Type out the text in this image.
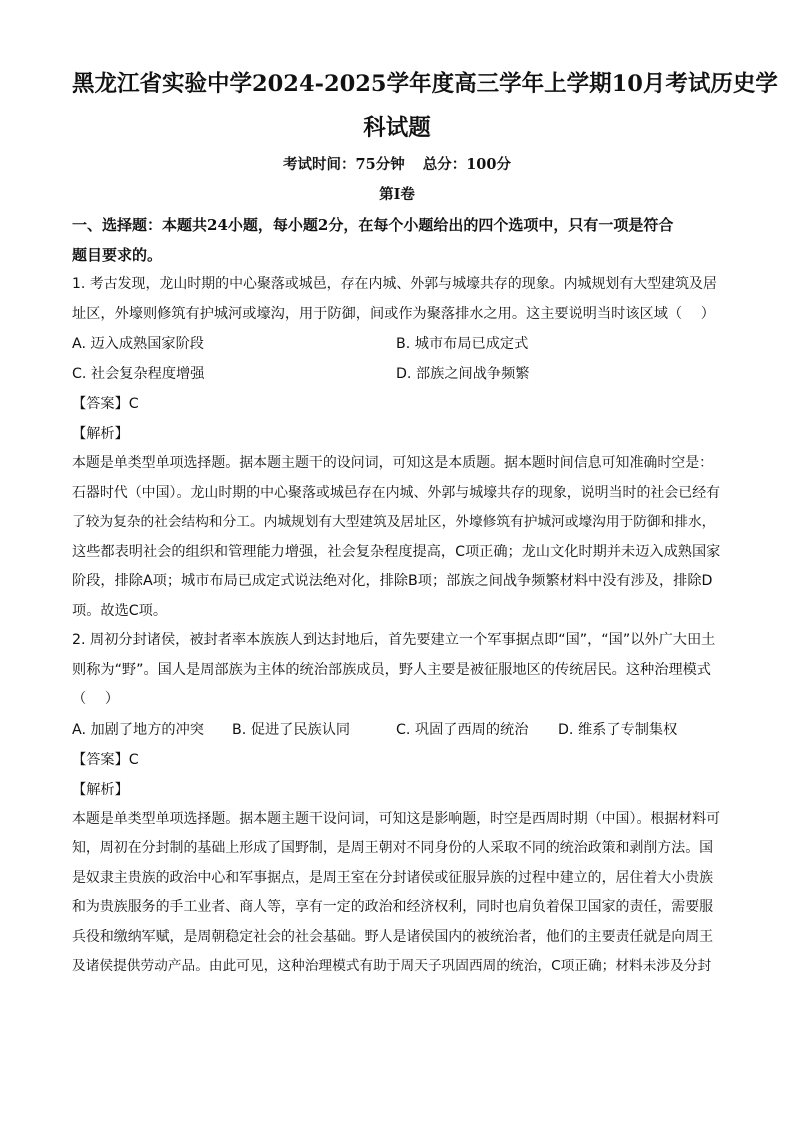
黑龙江省实验中学2024-2025学年度高三学年上学期10月考试历史学
科试题
考试时间：75分钟 总分：100分
第Ⅰ卷
一、选择题：本题共24小题，每小题2分，在每个小题给出的四个选项中，只有一项是符合
题目要求的。

1. 考古发现，龙山时期的中心聚落或城邑，存在内城、外郭与城壕共存的现象。内城规划有大型建筑及居

址区，外壕则修筑有护城河或壕沟，用于防御，间或作为聚落排水之用。这主要说明当时该区域（　 ）

A. 迈入成熟国家阶段	B. 城市布局已成定式
C. 社会复杂程度增强	D. 部族之间战争频繁
【答案】C
【解析】

本题是单类型单项选择题。据本题主题干的设问词，可知这是本质题。据本题时间信息可知准确时空是：

石器时代（中国）。龙山时期的中心聚落或城邑存在内城、外郭与城壕共存的现象，说明当时的社会已经有

了较为复杂的社会结构和分工。内城规划有大型建筑及居址区，外壕修筑有护城河或壕沟用于防御和排水，

这些都表明社会的组织和管理能力增强，社会复杂程度提高，C项正确；龙山文化时期并未迈入成熟国家

阶段，排除A项；城市布局已成定式说法绝对化，排除B项；部族之间战争频繁材料中没有涉及，排除D

项。故选C项。

2. 周初分封诸侯，被封者率本族族人到达封地后，首先要建立一个军事据点即“国”，“国”以外广大田土

则称为“野”。国人是周部族为主体的统治部族成员，野人主要是被征服地区的传统居民。这种治理模式

（　 ）

A. 加剧了地方的冲突 B. 促进了民族认同	C. 巩固了西周的统治 D. 维系了专制集权
【答案】C
【解析】

本题是单类型单项选择题。据本题主题干设问词，可知这是影响题，时空是西周时期（中国）。根据材料可

知，周初在分封制的基础上形成了国野制，是周王朝对不同身份的人采取不同的统治政策和剥削方法。国

是奴隶主贵族的政治中心和军事据点，是周王室在分封诸侯或征服异族的过程中建立的，居住着大小贵族

和为贵族服务的手工业者、商人等，享有一定的政治和经济权利，同时也肩负着保卫国家的责任，需要服

兵役和缴纳军赋，是周朝稳定社会的社会基础。野人是诸侯国内的被统治者，他们的主要责任就是向周王

及诸侯提供劳动产品。由此可见，这种治理模式有助于周天子巩固西周的统治，C项正确；材料未涉及分封
